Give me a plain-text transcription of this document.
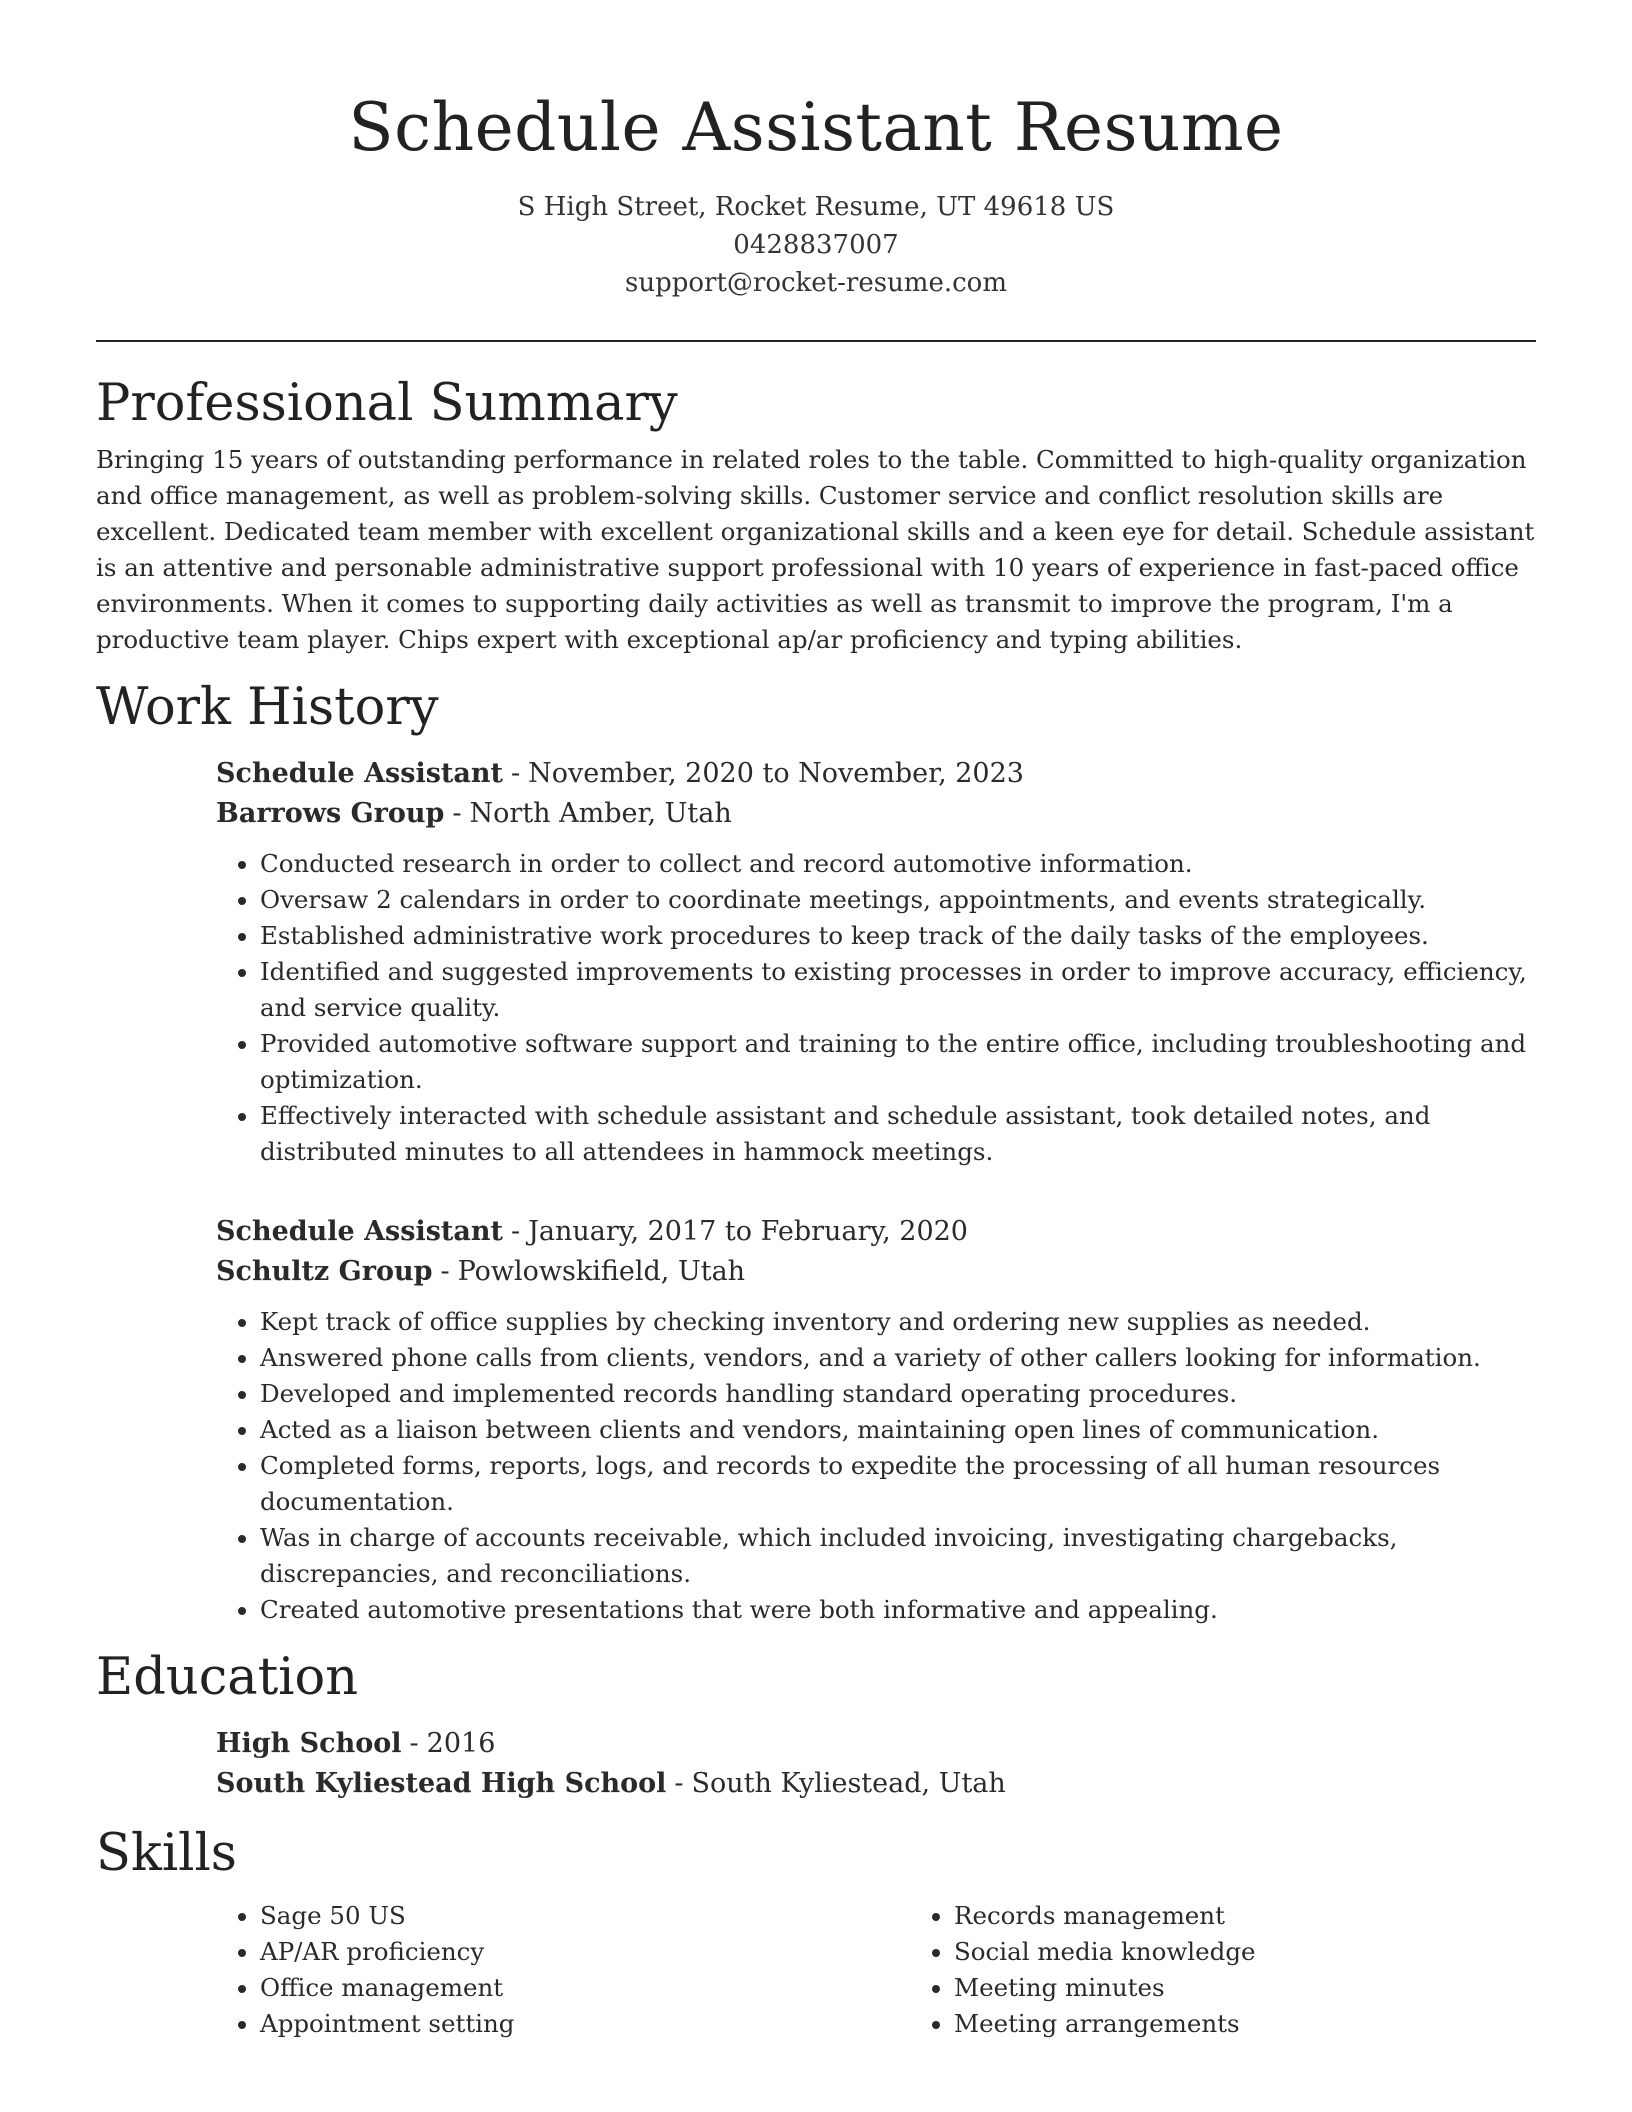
Schedule Assistant Resume
S High Street, Rocket Resume, UT 49618 US
0428837007
support@rocket-resume.com
Professional Summary

Bringing 15 years of outstanding performance in related roles to the table. Committed to high-quality organization and office management, as well as problem-solving skills. Customer service and conflict resolution skills are excellent. Dedicated team member with excellent organizational skills and a keen eye for detail. Schedule assistant is an attentive and personable administrative support professional with 10 years of experience in fast-paced office environments. When it comes to supporting daily activities as well as transmit to improve the program, I'm a productive team player. Chips expert with exceptional ap/ar proficiency and typing abilities.

Work History
Schedule Assistant - November, 2020 to November, 2023
Barrows Group - North Amber, Utah
• Conducted research in order to collect and record automotive information.
• Oversaw 2 calendars in order to coordinate meetings, appointments, and events strategically.
• Established administrative work procedures to keep track of the daily tasks of the employees.
• Identified and suggested improvements to existing processes in order to improve accuracy, efficiency, and service quality.
• Provided automotive software support and training to the entire office, including troubleshooting and optimization.
• Effectively interacted with schedule assistant and schedule assistant, took detailed notes, and distributed minutes to all attendees in hammock meetings.
Schedule Assistant - January, 2017 to February, 2020
Schultz Group - Powlowskifield, Utah
• Kept track of office supplies by checking inventory and ordering new supplies as needed.
• Answered phone calls from clients, vendors, and a variety of other callers looking for information.
• Developed and implemented records handling standard operating procedures.
• Acted as a liaison between clients and vendors, maintaining open lines of communication.
• Completed forms, reports, logs, and records to expedite the processing of all human resources documentation.
• Was in charge of accounts receivable, which included invoicing, investigating chargebacks, discrepancies, and reconciliations.
• Created automotive presentations that were both informative and appealing.
Education
High School - 2016
South Kyliestead High School - South Kyliestead, Utah
Skills
• Sage 50 US
• AP/AR proficiency
• Office management
• Appointment setting
• Records management
• Social media knowledge
• Meeting minutes
• Meeting arrangements
